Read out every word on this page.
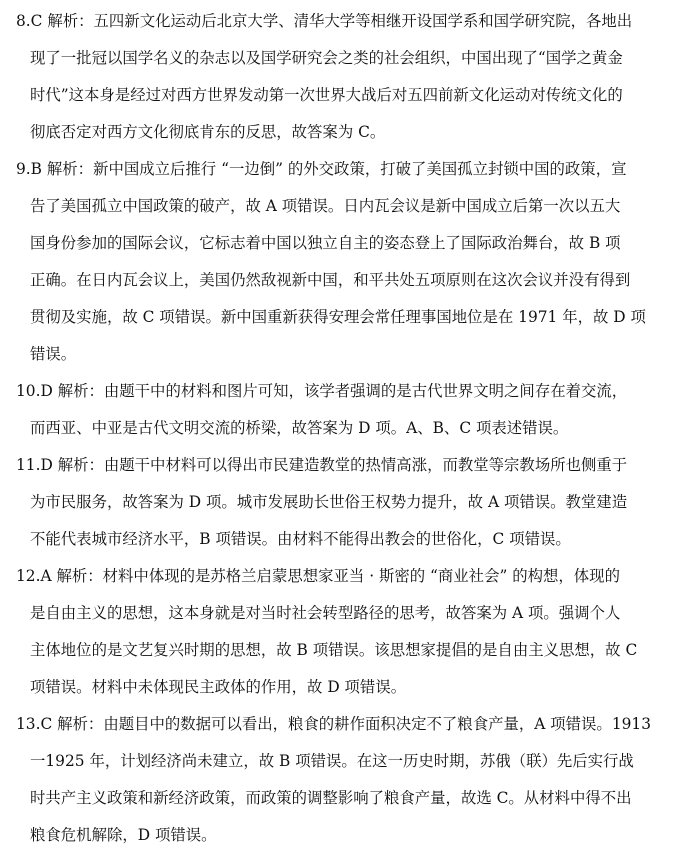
8.C 解析：五四新文化运动后北京大学、清华大学等相继开设国学系和国学研究院，各地出
现了一批冠以国学名义的杂志以及国学研究会之类的社会组织，中国出现了“国学之黄金
时代”这本身是经过对西方世界发动第一次世界大战后对五四前新文化运动对传统文化的
彻底否定对西方文化彻底肯东的反思，故答案为 C。
9.B 解析：新中国成立后推行 “一边倒” 的外交政策，打破了美国孤立封锁中国的政策，宣
告了美国孤立中国政策的破产，故 A 项错误。日内瓦会议是新中国成立后第一次以五大
国身份参加的国际会议，它标志着中国以独立自主的姿态登上了国际政治舞台，故 B 项
正确。在日内瓦会议上，美国仍然敌视新中国，和平共处五项原则在这次会议并没有得到
贯彻及实施，故 C 项错误。新中国重新获得安理会常任理事国地位是在 1971 年，故 D 项
错误。
10.D 解析：由题干中的材料和图片可知，该学者强调的是古代世界文明之间存在着交流，
而西亚、中亚是古代文明交流的桥梁，故答案为 D 项。A、B、C 项表述错误。
11.D 解析：由题干中材料可以得出市民建造教堂的热情高涨，而教堂等宗教场所也侧重于
为市民服务，故答案为 D 项。城市发展助长世俗王权势力提升，故 A 项错误。教堂建造
不能代表城市经济水平，B 项错误。由材料不能得出教会的世俗化，C 项错误。
12.A 解析：材料中体现的是苏格兰启蒙思想家亚当 · 斯密的 “商业社会” 的构想，体现的
是自由主义的思想，这本身就是对当时社会转型路径的思考，故答案为 A 项。强调个人
主体地位的是文艺复兴时期的思想，故 B 项错误。该思想家提倡的是自由主义思想，故 C
项错误。材料中未体现民主政体的作用，故 D 项错误。
13.C 解析：由题目中的数据可以看出，粮食的耕作面积决定不了粮食产量，A 项错误。1913
一1925 年，计划经济尚未建立，故 B 项错误。在这一历史时期，苏俄（联）先后实行战
时共产主义政策和新经济政策，而政策的调整影响了粮食产量，故选 C。从材料中得不出
粮食危机解除，D 项错误。
